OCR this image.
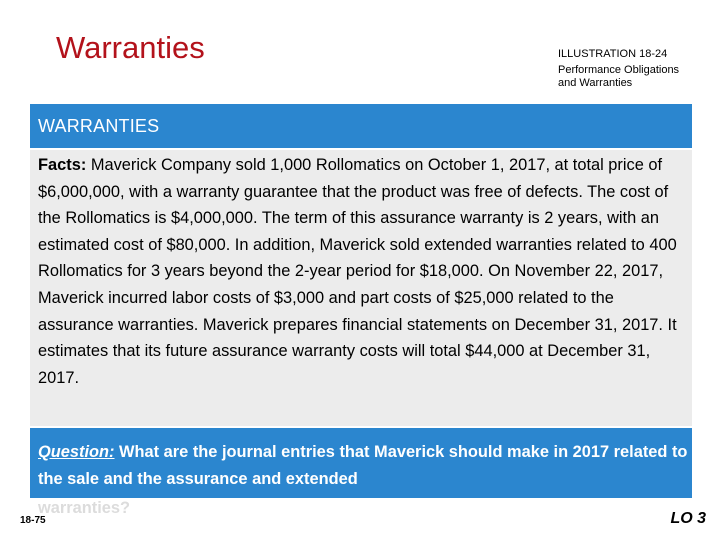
Warranties	ILLUSTRATION 18-24
Performance Obligations
and Warranties
WARRANTIES
Facts: Maverick Company sold 1,000 Rollomatics on October 1, 2017, at total price of $6,000,000, with a warranty guarantee that the product was free of defects. The cost of the Rollomatics is $4,000,000. The term of this assurance warranty is 2 years, with an estimated cost of $80,000. In addition, Maverick sold extended warranties related to 400 Rollomatics for 3 years beyond the 2-year period for $18,000. On November 22, 2017, Maverick incurred labor costs of $3,000 and part costs of $25,000 related to the assurance warranties. Maverick prepares financial statements on December 31, 2017. It estimates that its future assurance warranty costs will total $44,000 at December 31, 2017.
Question: What are the journal entries that Maverick should make in 2017 related to the sale and the assurance and extended
warranties?
18-75	LO 3
